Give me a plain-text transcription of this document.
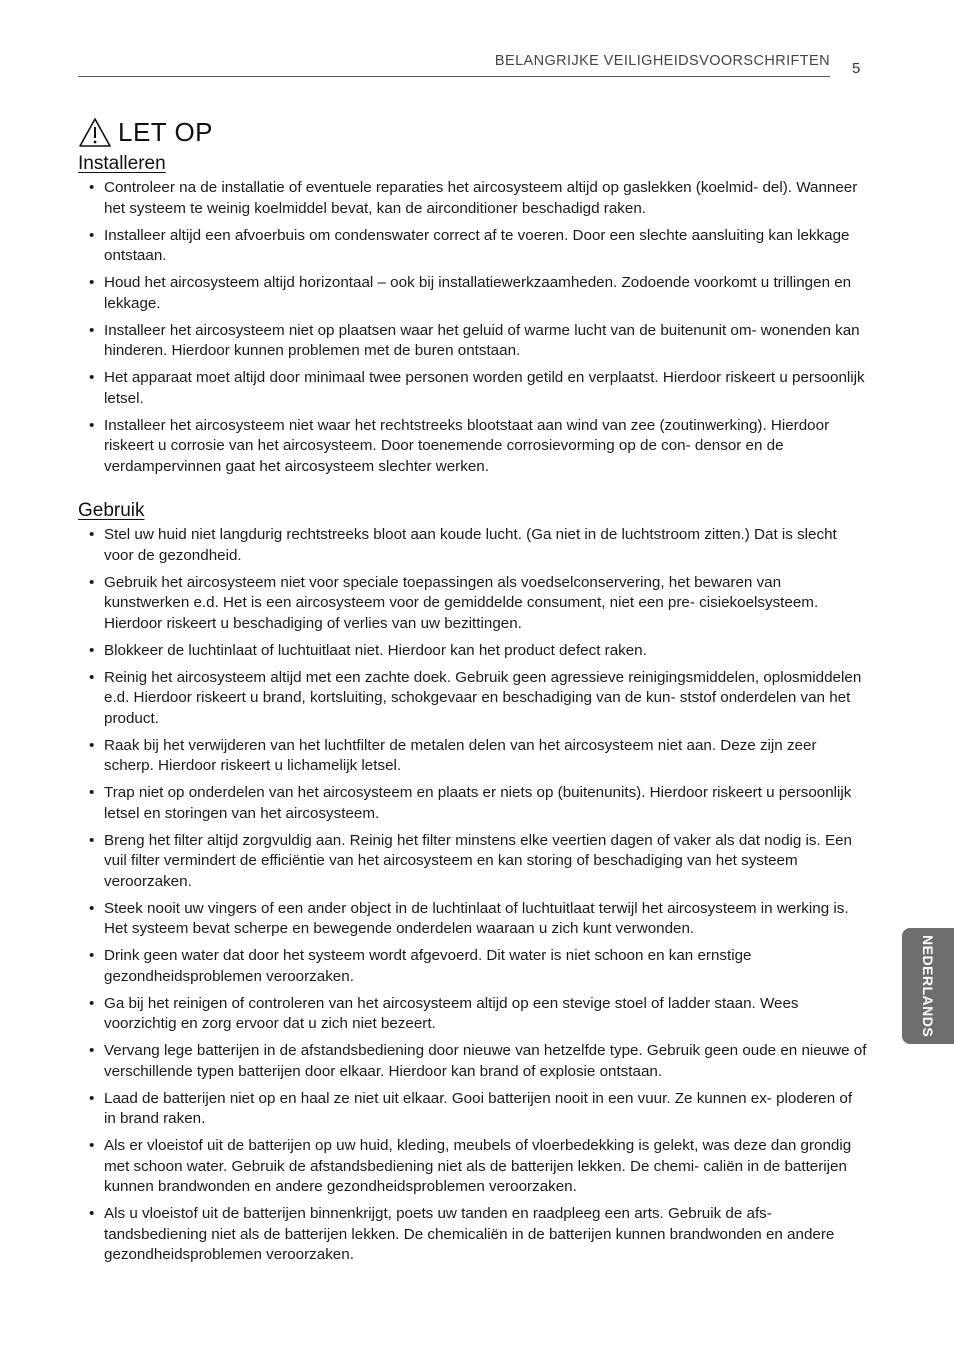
BELANGRIJKE VEILIGHEIDSVOORSCHRIFTEN 5
LET OP
Installeren
• Controleer na de installatie of eventuele reparaties het aircosysteem altijd op gaslekken (koelmid- del). Wanneer het systeem te weinig koelmiddel bevat, kan de airconditioner beschadigd raken.
• Installeer altijd een afvoerbuis om condenswater correct af te voeren. Door een slechte aansluiting kan lekkage ontstaan.
• Houd het aircosysteem altijd horizontaal – ook bij installatiewerkzaamheden. Zodoende voorkomt u trillingen en lekkage.
• Installeer het aircosysteem niet op plaatsen waar het geluid of warme lucht van de buitenunit om- wonenden kan hinderen. Hierdoor kunnen problemen met de buren ontstaan.
• Het apparaat moet altijd door minimaal twee personen worden getild en verplaatst. Hierdoor riskeert u persoonlijk letsel.
• Installeer het aircosysteem niet waar het rechtstreeks blootstaat aan wind van zee (zoutinwerking). Hierdoor riskeert u corrosie van het aircosysteem. Door toenemende corrosievorming op de con- densor en de verdampervinnen gaat het aircosysteem slechter werken.
Gebruik
• Stel uw huid niet langdurig rechtstreeks bloot aan koude lucht. (Ga niet in de luchtstroom zitten.) Dat is slecht voor de gezondheid.
• Gebruik het aircosysteem niet voor speciale toepassingen als voedselconservering, het bewaren van kunstwerken e.d. Het is een aircosysteem voor de gemiddelde consument, niet een pre- cisiekoelsysteem. Hierdoor riskeert u beschadiging of verlies van uw bezittingen.
• Blokkeer de luchtinlaat of luchtuitlaat niet. Hierdoor kan het product defect raken.
• Reinig het aircosysteem altijd met een zachte doek. Gebruik geen agressieve reinigingsmiddelen, oplosmiddelen e.d. Hierdoor riskeert u brand, kortsluiting, schokgevaar en beschadiging van de kun- ststof onderdelen van het product.
• Raak bij het verwijderen van het luchtfilter de metalen delen van het aircosysteem niet aan. Deze zijn zeer scherp. Hierdoor riskeert u lichamelijk letsel.
• Trap niet op onderdelen van het aircosysteem en plaats er niets op (buitenunits). Hierdoor riskeert u persoonlijk letsel en storingen van het aircosysteem.
• Breng het filter altijd zorgvuldig aan. Reinig het filter minstens elke veertien dagen of vaker als dat nodig is. Een vuil filter vermindert de efficiëntie van het aircosysteem en kan storing of beschadiging van het systeem veroorzaken.
• Steek nooit uw vingers of een ander object in de luchtinlaat of luchtuitlaat terwijl het aircosysteem in werking is. Het systeem bevat scherpe en bewegende onderdelen waaraan u zich kunt verwonden.
• Drink geen water dat door het systeem wordt afgevoerd. Dit water is niet schoon en kan ernstige gezondheidsproblemen veroorzaken.
• Ga bij het reinigen of controleren van het aircosysteem altijd op een stevige stoel of ladder staan. Wees voorzichtig en zorg ervoor dat u zich niet bezeert.
• Vervang lege batterijen in de afstandsbediening door nieuwe van hetzelfde type. Gebruik geen oude en nieuwe of verschillende typen batterijen door elkaar. Hierdoor kan brand of explosie ontstaan.
• Laad de batterijen niet op en haal ze niet uit elkaar. Gooi batterijen nooit in een vuur. Ze kunnen ex- ploderen of in brand raken.
• Als er vloeistof uit de batterijen op uw huid, kleding, meubels of vloerbedekking is gelekt, was deze dan grondig met schoon water. Gebruik de afstandsbediening niet als de batterijen lekken. De chemi- caliën in de batterijen kunnen brandwonden en andere gezondheidsproblemen veroorzaken.
• Als u vloeistof uit de batterijen binnenkrijgt, poets uw tanden en raadpleeg een arts. Gebruik de afs- tandsbediening niet als de batterijen lekken. De chemicaliën in de batterijen kunnen brandwonden en andere gezondheidsproblemen veroorzaken.
NEDERLANDS
